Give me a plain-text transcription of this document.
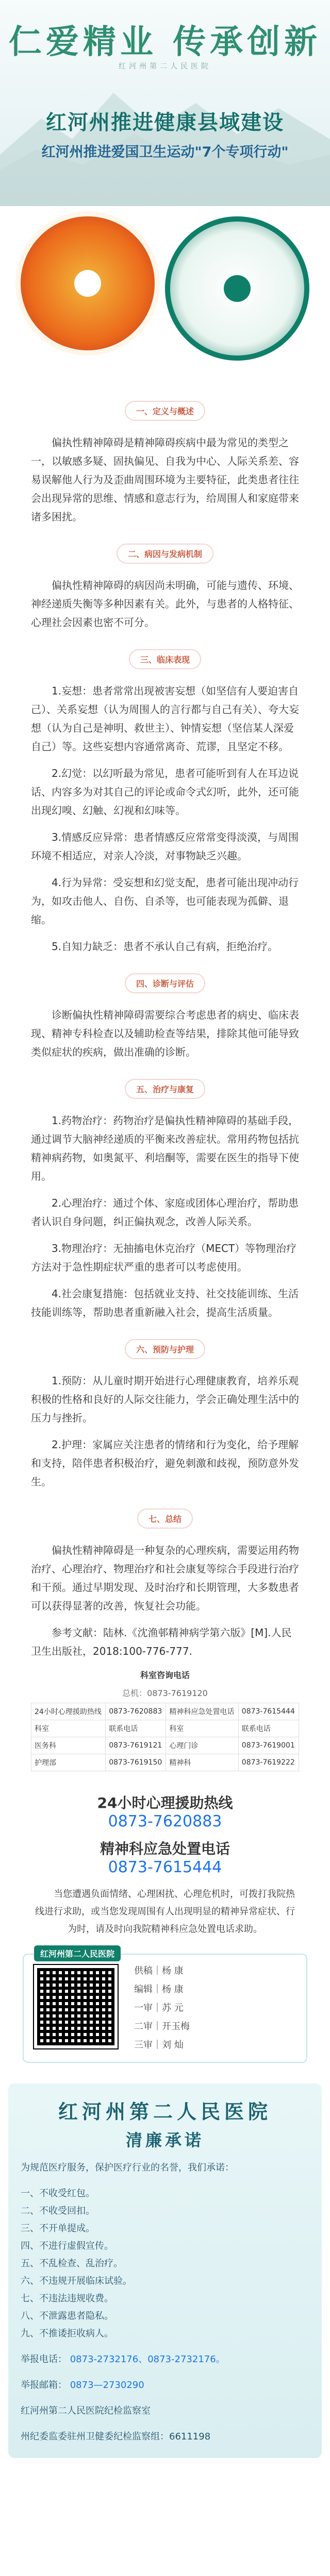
仁爱精业 传承创新
红河州第二人民医院
红河州推进健康县域建设
红河州推进爱国卫生运动"7个专项行动"
一、定义与概述
偏执性精神障碍是精神障碍疾病中最为常见的类型之一，以敏感多疑、固执偏见、自我为中心、人际关系差、容易误解他人行为及歪曲周围环境为主要特征，此类患者往往会出现异常的思维、情感和意志行为，给周围人和家庭带来诸多困扰。
二、病因与发病机制
偏执性精神障碍的病因尚未明确，可能与遗传、环境、神经递质失衡等多种因素有关。此外，与患者的人格特征、心理社会因素也密不可分。
三、临床表现
1.妄想：患者常常出现被害妄想（如坚信有人要迫害自己）、关系妄想（认为周围人的言行都与自己有关）、夸大妄想（认为自己是神明、救世主）、钟情妄想（坚信某人深爱自己）等。这些妄想内容通常离奇、荒谬，且坚定不移。
2.幻觉：以幻听最为常见，患者可能听到有人在耳边说话、内容多为对其自己的评论或命令式幻听，此外，还可能出现幻嗅、幻触、幻视和幻味等。
3.情感反应异常：患者情感反应常常变得淡漠，与周围环境不相适应，对亲人冷淡，对事物缺乏兴趣。
4.行为异常：受妄想和幻觉支配，患者可能出现冲动行为，如攻击他人、自伤、自杀等，也可能表现为孤僻、退缩。
5.自知力缺乏：患者不承认自己有病，拒绝治疗。
四、诊断与评估
诊断偏执性精神障碍需要综合考虑患者的病史、临床表现、精神专科检查以及辅助检查等结果，排除其他可能导致类似症状的疾病，做出准确的诊断。
五、治疗与康复
1.药物治疗：药物治疗是偏执性精神障碍的基础手段，通过调节大脑神经递质的平衡来改善症状。常用药物包括抗精神病药物，如奥氮平、利培酮等，需要在医生的指导下使用。
2.心理治疗：通过个体、家庭或团体心理治疗，帮助患者认识自身问题，纠正偏执观念，改善人际关系。
3.物理治疗：无抽搐电休克治疗（MECT）等物理治疗方法对于急性期症状严重的患者可以考虑使用。
4.社会康复措施：包括就业支持、社交技能训练、生活技能训练等，帮助患者重新融入社会，提高生活质量。
六、预防与护理
1.预防：从儿童时期开始进行心理健康教育，培养乐观积极的性格和良好的人际交往能力，学会正确处理生活中的压力与挫折。
2.护理：家属应关注患者的情绪和行为变化，给予理解和支持，陪伴患者积极治疗，避免刺激和歧视，预防意外发生。
七、总结
偏执性精神障碍是一种复杂的心理疾病，需要运用药物治疗、心理治疗、物理治疗和社会康复等综合手段进行治疗和干预。通过早期发现、及时治疗和长期管理，大多数患者可以获得显著的改善，恢复社会功能。
参考文献：陆林.《沈渔邨精神病学第六版》[M].人民卫生出版社，2018:100-776-777.
科室咨询电话
总机：0873-7619120
24小时心理援助热线	0873-7620883	精神科应急处置电话	0873-7615444
科室	联系电话	科室	联系电话
医务科	0873-7619121	心理门诊	0873-7619001
护理部	0873-7619150	精神科	0873-7619222
24小时心理援助热线
0873-7620883
精神科应急处置电话
0873-7615444
当您遭遇负面情绪、心理困扰、心理危机时，可拨打我院热线进行求助，或当您发现周围有人出现明显的精神异常症状、行为时，请及时向我院精神科应急处置电话求助。
红河州第二人民医院
供稿｜杨 康
编辑｜杨 康
一审｜苏 元
二审｜开玉梅
三审｜刘 灿
红河州第二人民医院
清廉承诺
为规范医疗服务，保护医疗行业的名誉，我们承诺：
一、不收受红包。
二、不收受回扣。
三、不开单提成。
四、不进行虚假宣传。
五、不乱检查、乱治疗。
六、不违规开展临床试验。
七、不违法违规收费。
八、不泄露患者隐私。
九、不推诿拒收病人。
举报电话： 0873-2732176、0873-2732176。
举报邮箱： 0873—2730290
红河州第二人民医院纪检监察室
州纪委监委驻州卫健委纪检监察组：6611198
